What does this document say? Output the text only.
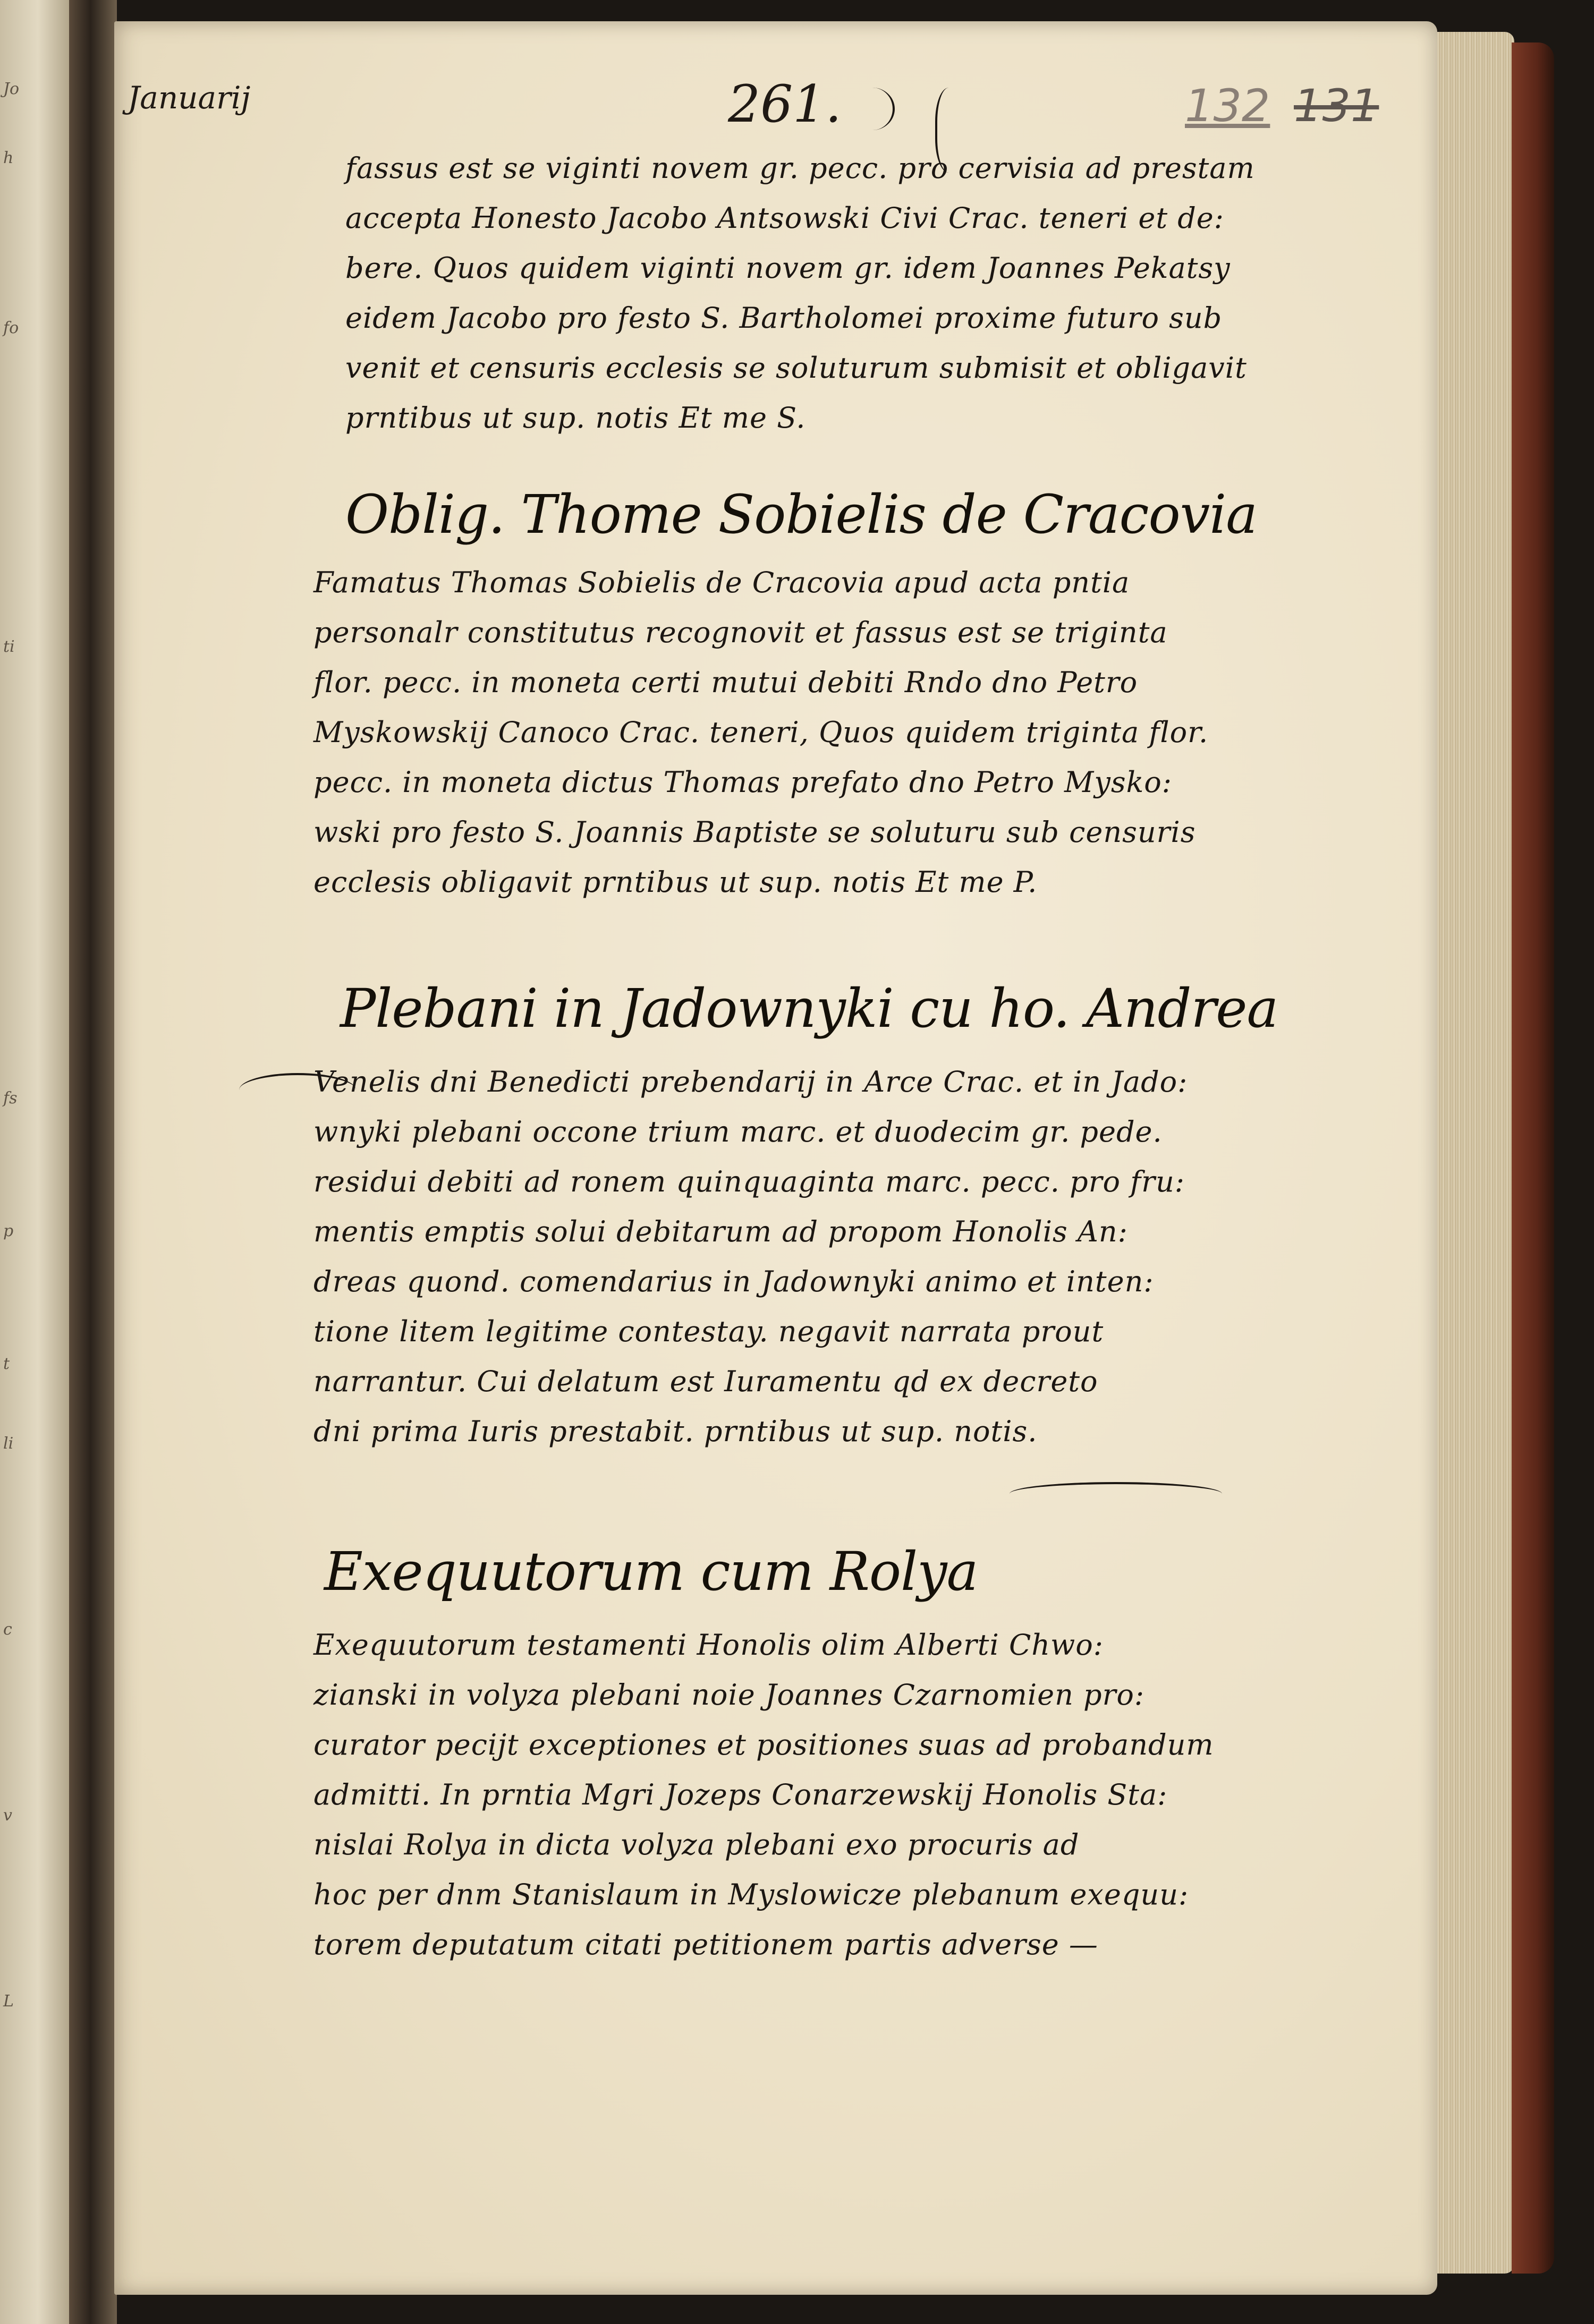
Jo
h
fo
ti
fs
p
t
li
c
v
L
Januarij	261.	132 131
fassus est se viginti novem gr. pecc. pro cervisia ad prestam
accepta Honesto Jacobo Antsowski Civi Crac. teneri et de:
bere. Quos quidem viginti novem gr. idem Joannes Pekatsy
eidem Jacobo pro festo S. Bartholomei proxime futuro sub
venit et censuris ecclesis se soluturum submisit et obligavit
prntibus ut sup. notis Et me S.
Oblig. Thome Sobielis de Cracovia
Famatus Thomas Sobielis de Cracovia apud acta pntia
personalr constitutus recognovit et fassus est se triginta
flor. pecc. in moneta certi mutui debiti Rndo dno Petro
Myskowskij Canoco Crac. teneri, Quos quidem triginta flor.
pecc. in moneta dictus Thomas prefato dno Petro Mysko:
wski pro festo S. Joannis Baptiste se soluturu sub censuris
ecclesis obligavit prntibus ut sup. notis Et me P.
Plebani in Jadownyki cu ho. Andrea
Venelis dni Benedicti prebendarij in Arce Crac. et in Jado:
wnyki plebani occone trium marc. et duodecim gr. pede.
residui debiti ad ronem quinquaginta marc. pecc. pro fru:
mentis emptis solui debitarum ad propom Honolis An:
dreas quond. comendarius in Jadownyki animo et inten:
tione litem legitime contestay. negavit narrata prout
narrantur. Cui delatum est Iuramentu qd ex decreto
dni prima Iuris prestabit. prntibus ut sup. notis.
Exequutorum cum Rolya
Exequutorum testamenti Honolis olim Alberti Chwo:
zianski in volyza plebani noie Joannes Czarnomien pro:
curator pecijt exceptiones et positiones suas ad probandum
admitti. In prntia Mgri Jozeps Conarzewskij Honolis Sta:
nislai Rolya in dicta volyza plebani exo procuris ad
hoc per dnm Stanislaum in Myslowicze plebanum exequu:
torem deputatum citati petitionem partis adverse —
